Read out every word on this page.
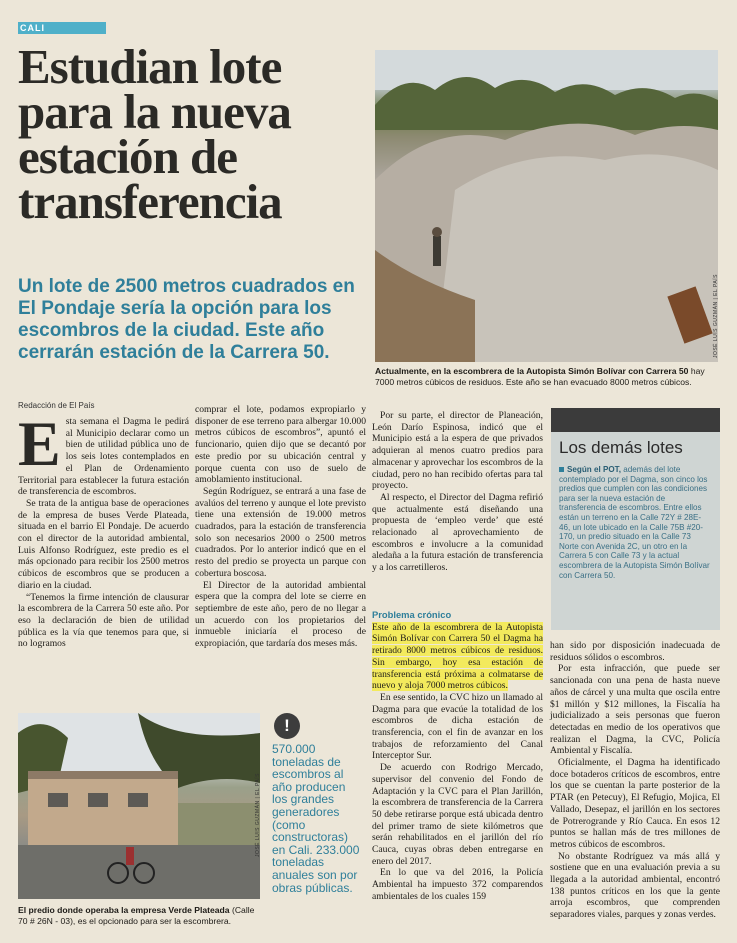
CALI
Estudian lote para la nueva estación de transferencia
Un lote de 2500 metros cuadrados en El Pondaje sería la opción para los escombros de la ciudad. Este año cerrarán estación de la Carrera 50.	JOSÉ LUIS GUZMÁN | EL PAÍS
Actualmente, en la escombrera de la Autopista Simón Bolívar con Carrera 50 hay 7000 metros cúbicos de residuos. Este año se han evacuado 8000 metros cúbicos.
Redacción de El País

Esta semana el Dagma le pedirá al Municipio declarar como un bien de utilidad pública uno de los seis lotes contemplados en el Plan de Ordenamiento Territorial para establecer la futura estación de transferencia de escombros.

Se trata de la antigua base de operaciones de la empresa de buses Verde Plateada, situada en el barrio El Pondaje. De acuerdo con el director de la autoridad ambiental, Luis Alfonso Rodríguez, este predio es el más opcionado para recibir los 2500 metros cúbicos de escombros que se producen a diario en la ciudad.

“Tenemos la firme intención de clausurar la escombrera de la Carrera 50 este año. Por eso la declaración de bien de utilidad pública es la vía que tenemos para que, si no logramos

comprar el lote, podamos expropiarlo y disponer de ese terreno para albergar 10.000 metros cúbicos de escombros”, apuntó el funcionario, quien dijo que se decantó por este predio por su ubicación central y porque cuenta con uso de suelo de amoblamiento institucional.

Según Rodríguez, se entrará a una fase de avalúos del terreno y aunque el lote previsto tiene una extensión de 19.000 metros cuadrados, para la estación de transferencia solo son necesarios 2000 o 2500 metros cuadrados. Por lo anterior indicó que en el resto del predio se proyecta un parque con cobertura boscosa.

El Director de la autoridad ambiental espera que la compra del lote se cierre en septiembre de este año, pero de no llegar a un acuerdo con los propietarios del inmueble iniciaría el proceso de expropiación, que tardaría dos meses más.

Por su parte, el director de Planeación, León Darío Espinosa, indicó que el Municipio está a la espera de que privados adquieran al menos cuatro predios para almacenar y aprovechar los escombros de la ciudad, pero no han recibido ofertas para tal proyecto.

Al respecto, el Director del Dagma refirió que actualmente está diseñando una propuesta de ‘empleo verde’ que esté relacionado al aprovechamiento de escombros e involucre a la comunidad aledaña a la futura estación de transferencia y a los carretilleros.

Problema crónico

Este año de la escombrera de la Autopista Simón Bolívar con Carrera 50 el Dagma ha retirado 8000 metros cúbicos de residuos. Sin embargo, hoy esa estación de transferencia está próxima a colmatarse de nuevo y aloja 7000 metros cúbicos.

En ese sentido, la CVC hizo un llamado al Dagma para que evacúe la totalidad de los escombros de dicha estación de transferencia, con el fin de avanzar en los trabajos de reforzamiento del Canal Interceptor Sur.

De acuerdo con Rodrigo Mercado, supervisor del convenio del Fondo de Adaptación y la CVC para el Plan Jarillón, la escombrera de transferencia de la Carrera 50 debe retirarse porque está ubicada dentro del primer tramo de siete kilómetros que serán rehabilitados en el jarillón del río Cauca, cuyas obras deben entregarse en enero del 2017.

En lo que va del 2016, la Policía Ambiental ha impuesto 372 comparendos ambientales de los cuales 159

Los demás lotes
Según el POT, además del lote contemplado por el Dagma, son cinco los predios que cumplen con las condiciones para ser la nueva estación de transferencia de escombros. Entre ellos están un terreno en la Calle 72Y # 28E-46, un lote ubicado en la Calle 75B #20-170, un predio situado en la Calle 73 Norte con Avenida 2C, un otro en la Carrera 5 con Calle 73 y la actual escombrera de la Autopista Simón Bolívar con Carrera 50.

han sido por disposición inadecuada de residuos sólidos o escombros.

Por esta infracción, que puede ser sancionada con una pena de hasta nueve años de cárcel y una multa que oscila entre $1 millón y $12 millones, la Fiscalía ha judicializado a seis personas que fueron detectadas en medio de los operativos que realizan el Dagma, la CVC, Policía Ambiental y Fiscalía.

Oficialmente, el Dagma ha identificado doce botaderos críticos de escombros, entre los que se cuentan la parte posterior de la PTAR (en Petecuy), El Refugio, Mojica, El Vallado, Desepaz, el jarillón en los sectores de Potrerogrande y Río Cauca. En esos 12 puntos se hallan más de tres millones de metros cúbicos de escombros.

No obstante Rodríguez va más allá y sostiene que en una evaluación previa a su llegada a la autoridad ambiental, encontró 138 puntos críticos en los que la gente arroja escombros, que comprenden separadores viales, parques y zonas verdes.

JOSÉ LUIS GUZMÁN | EL PAÍS
El predio donde operaba la empresa Verde Plateada (Calle 70 # 26N - 03), es el opcionado para ser la escombrera.
!
570.000 toneladas de escombros al año producen los grandes generadores (como constructoras) en Cali. 233.000 toneladas anuales son por obras públicas.
